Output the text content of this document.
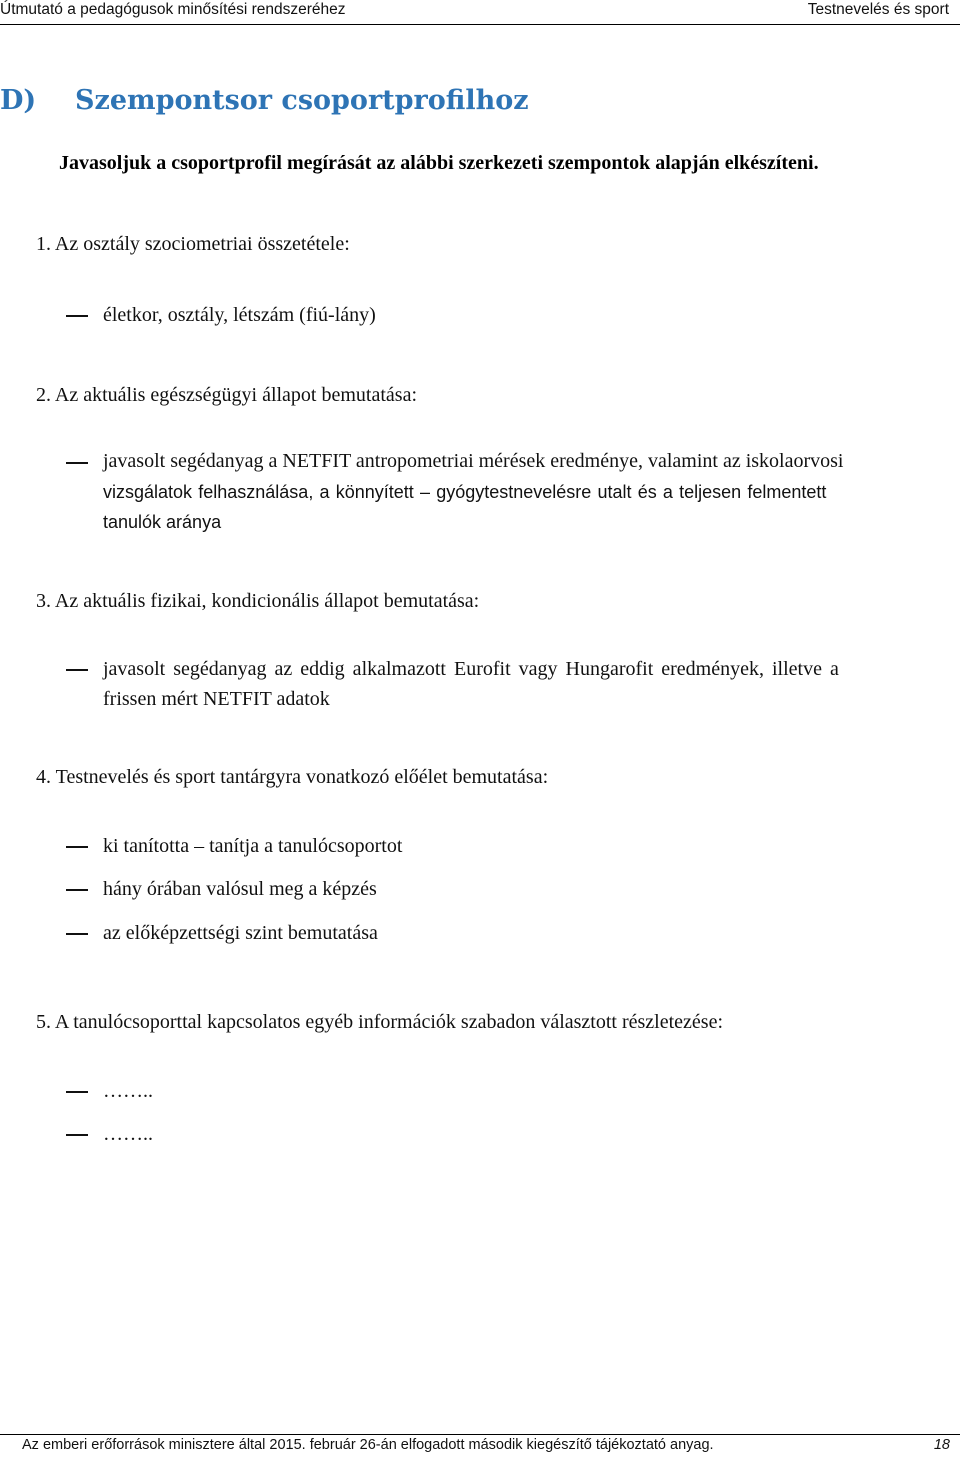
Útmutató a pedagógusok minősítési rendszeréhez	Testnevelés és sport
D) Szempontsor csoportprofilhoz
Javasoljuk a csoportprofil megírását az alábbi szerkezeti szempontok alapján elkészíteni.
1. Az osztály szociometriai összetétele:
életkor, osztály, létszám (fiú-lány)
2. Az aktuális egészségügyi állapot bemutatása:
javasolt segédanyag a NETFIT antropometriai mérések eredménye, valamint az iskolaorvosi
vizsgálatok felhasználása, a könnyített – gyógytestnevelésre utalt és a teljesen felmentett
tanulók aránya
3. Az aktuális fizikai, kondicionális állapot bemutatása:
javasolt segédanyag az eddig alkalmazott Eurofit vagy Hungarofit eredmények, illetve a
frissen mért NETFIT adatok
4. Testnevelés és sport tantárgyra vonatkozó előélet bemutatása:
ki tanította – tanítja a tanulócsoportot
hány órában valósul meg a képzés
az előképzettségi szint bemutatása
5. A tanulócsoporttal kapcsolatos egyéb információk szabadon választott részletezése:
……..
……..
Az emberi erőforrások minisztere által 2015. február 26-án elfogadott második kiegészítő tájékoztató anyag.	18
